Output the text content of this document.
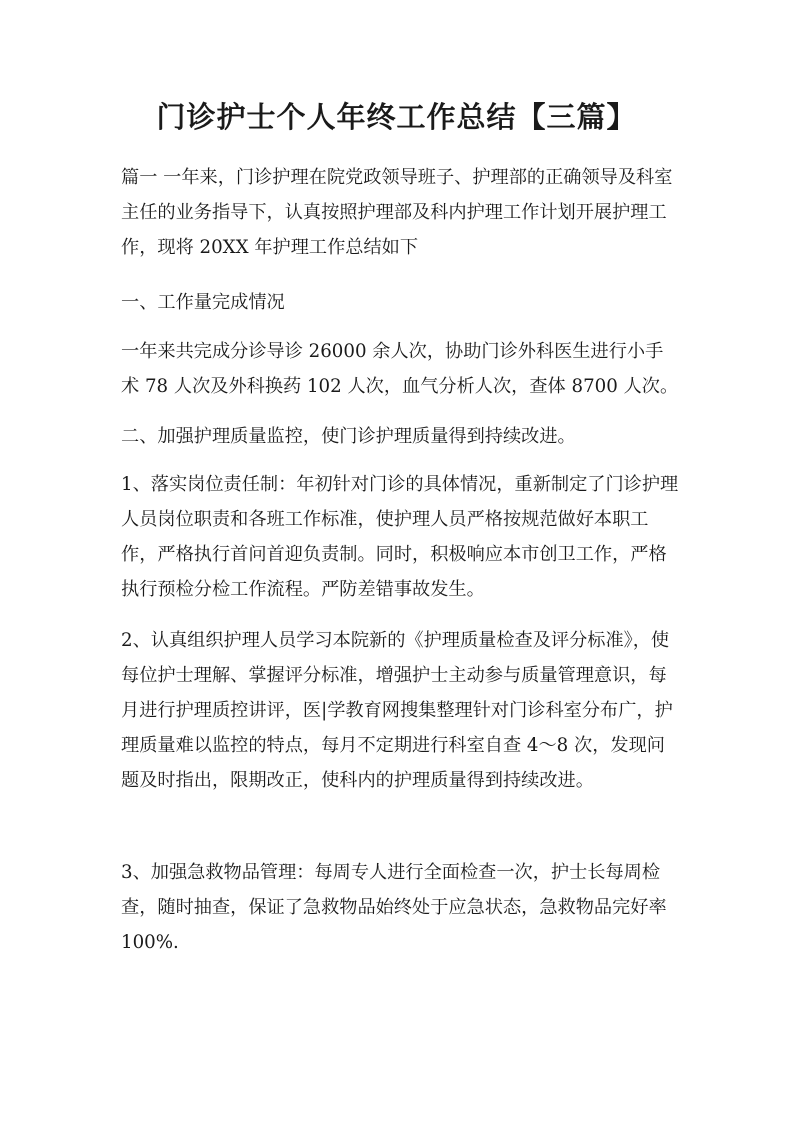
门诊护士个人年终工作总结【三篇】

篇一 一年来，门诊护理在院党政领导班子、护理部的正确领导及科室主任的业务指导下，认真按照护理部及科内护理工作计划开展护理工作，现将 20XX 年护理工作总结如下

一、工作量完成情况

一年来共完成分诊导诊 26000 余人次，协助门诊外科医生进行小手术 78 人次及外科换药 102 人次，血气分析人次，查体 8700 人次。

二、加强护理质量监控，使门诊护理质量得到持续改进。

1、落实岗位责任制：年初针对门诊的具体情况，重新制定了门诊护理人员岗位职责和各班工作标准，使护理人员严格按规范做好本职工作，严格执行首问首迎负责制。同时，积极响应本市创卫工作，严格执行预检分检工作流程。严防差错事故发生。

2、认真组织护理人员学习本院新的《护理质量检查及评分标准》，使每位护士理解、掌握评分标准，增强护士主动参与质量管理意识，每月进行护理质控讲评，医|学教育网搜集整理针对门诊科室分布广，护理质量难以监控的特点，每月不定期进行科室自查 4～8 次，发现问题及时指出，限期改正，使科内的护理质量得到持续改进。

3、加强急救物品管理：每周专人进行全面检查一次，护士长每周检查，随时抽查，保证了急救物品始终处于应急状态，急救物品完好率 100%.
